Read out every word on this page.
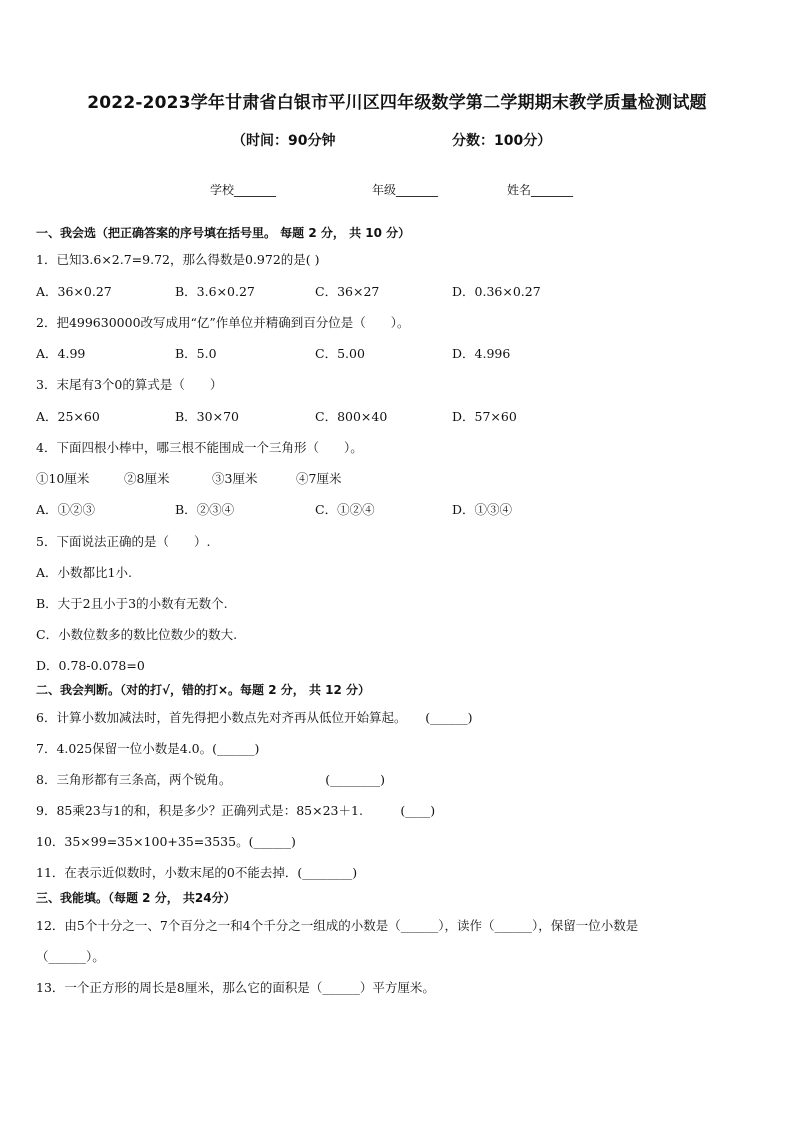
2022-2023学年甘肃省白银市平川区四年级数学第二学期期末教学质量检测试题
（时间：90分钟	分数：100分）
学校_______	年级_______	姓名_______
一、我会选（把正确答案的序号填在括号里。 每题 2 分， 共 10 分）
1．已知3.6×2.7=9.72，那么得数是0.972的是( )
A．36×0.27	B．3.6×0.27	C．36×27	D．0.36×0.27
2．把499630000改写成用“亿”作单位并精确到百分位是（　　）。
A．4.99	B．5.0	C．5.00	D．4.996
3．末尾有3个0的算式是（　　）
A．25×60	B．30×70	C．800×40	D．57×60
4．下面四根小棒中，哪三根不能围成一个三角形（　　）。
①10厘米	②8厘米	③3厘米	④7厘米
A．①②③	B．②③④	C．①②④	D．①③④
5．下面说法正确的是（　　）.
A．小数都比1小.
B．大于2且小于3的小数有无数个.
C．小数位数多的数比位数少的数大.
D．0.78-0.078=0
二、我会判断。（对的打√，错的打×。每题 2 分， 共 12 分）
6．计算小数加减法时，首先得把小数点先对齐再从低位开始算起。　　(______)
7．4.025保留一位小数是4.0。(______)
8．三角形都有三条高，两个锐角。　　　　　　　　(________)
9．85乘23与1的和，积是多少？正确列式是：85×23＋1.　　　(____)
10．35×99=35×100+35=3535。(______)
11．在表示近似数时，小数末尾的0不能去掉．(________)
三、我能填。（每题 2 分， 共24分）
12．由5个十分之一、7个百分之一和4个千分之一组成的小数是（______），读作（______），保留一位小数是
（______）。
13．一个正方形的周长是8厘米，那么它的面积是（______）平方厘米。
